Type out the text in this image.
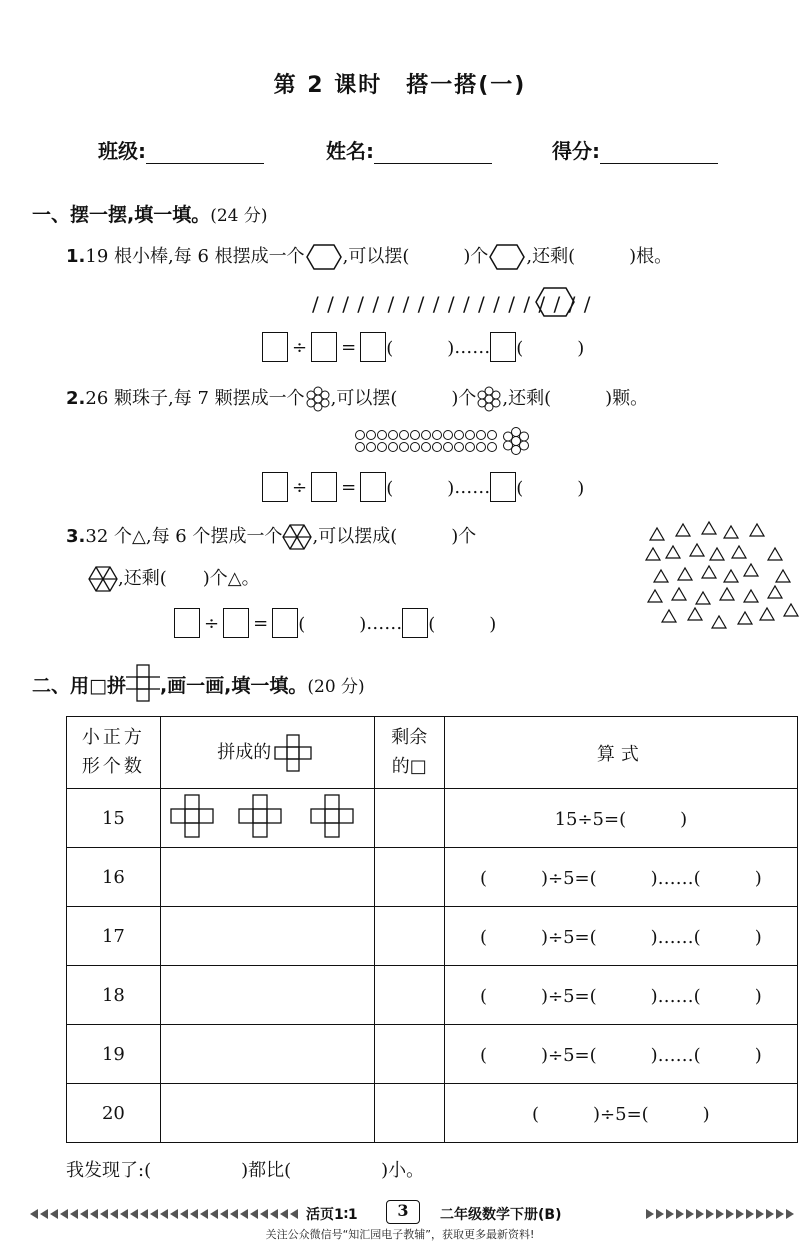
第 2 课时　搭一搭(一)
班级:	姓名:	得分:
一、摆一摆,填一填。(24 分)
1.19 根小棒,每 6 根摆成一个 ,可以摆(　　　)个 ,还剩(　　　)根。
/ / / / / / / / / / / / / / / / / / /
÷ = (　　　) …… (　　　)
2.26 颗珠子,每 7 颗摆成一个 ,可以摆(　　　)个 ,还剩(　　　)颗。
÷ = (　　　) …… (　　　)
3.32 个△,每 6 个摆成一个 ,可以摆成(　　　)个
,还剩(　　)个△。
÷ = (　　　) …… (　　　)
二、用□拼 ,画一画,填一填。 (20 分)
小正方形个数	拼成的	剩余的□	算式
15			15÷5=(　　　)
16			(　　　)÷5=(　　　)……(　　　)
17			(　　　)÷5=(　　　)……(　　　)
18			(　　　)÷5=(　　　)……(　　　)
19			(　　　)÷5=(　　　)……(　　　)
20			(　　　)÷5=(　　　)
我发现了:(　　　　　)都比(　　　　　)小。
活页1∶1	3	二年级数学下册(B)
关注公众微信号“知汇园电子教辅”，获取更多最新资料!
